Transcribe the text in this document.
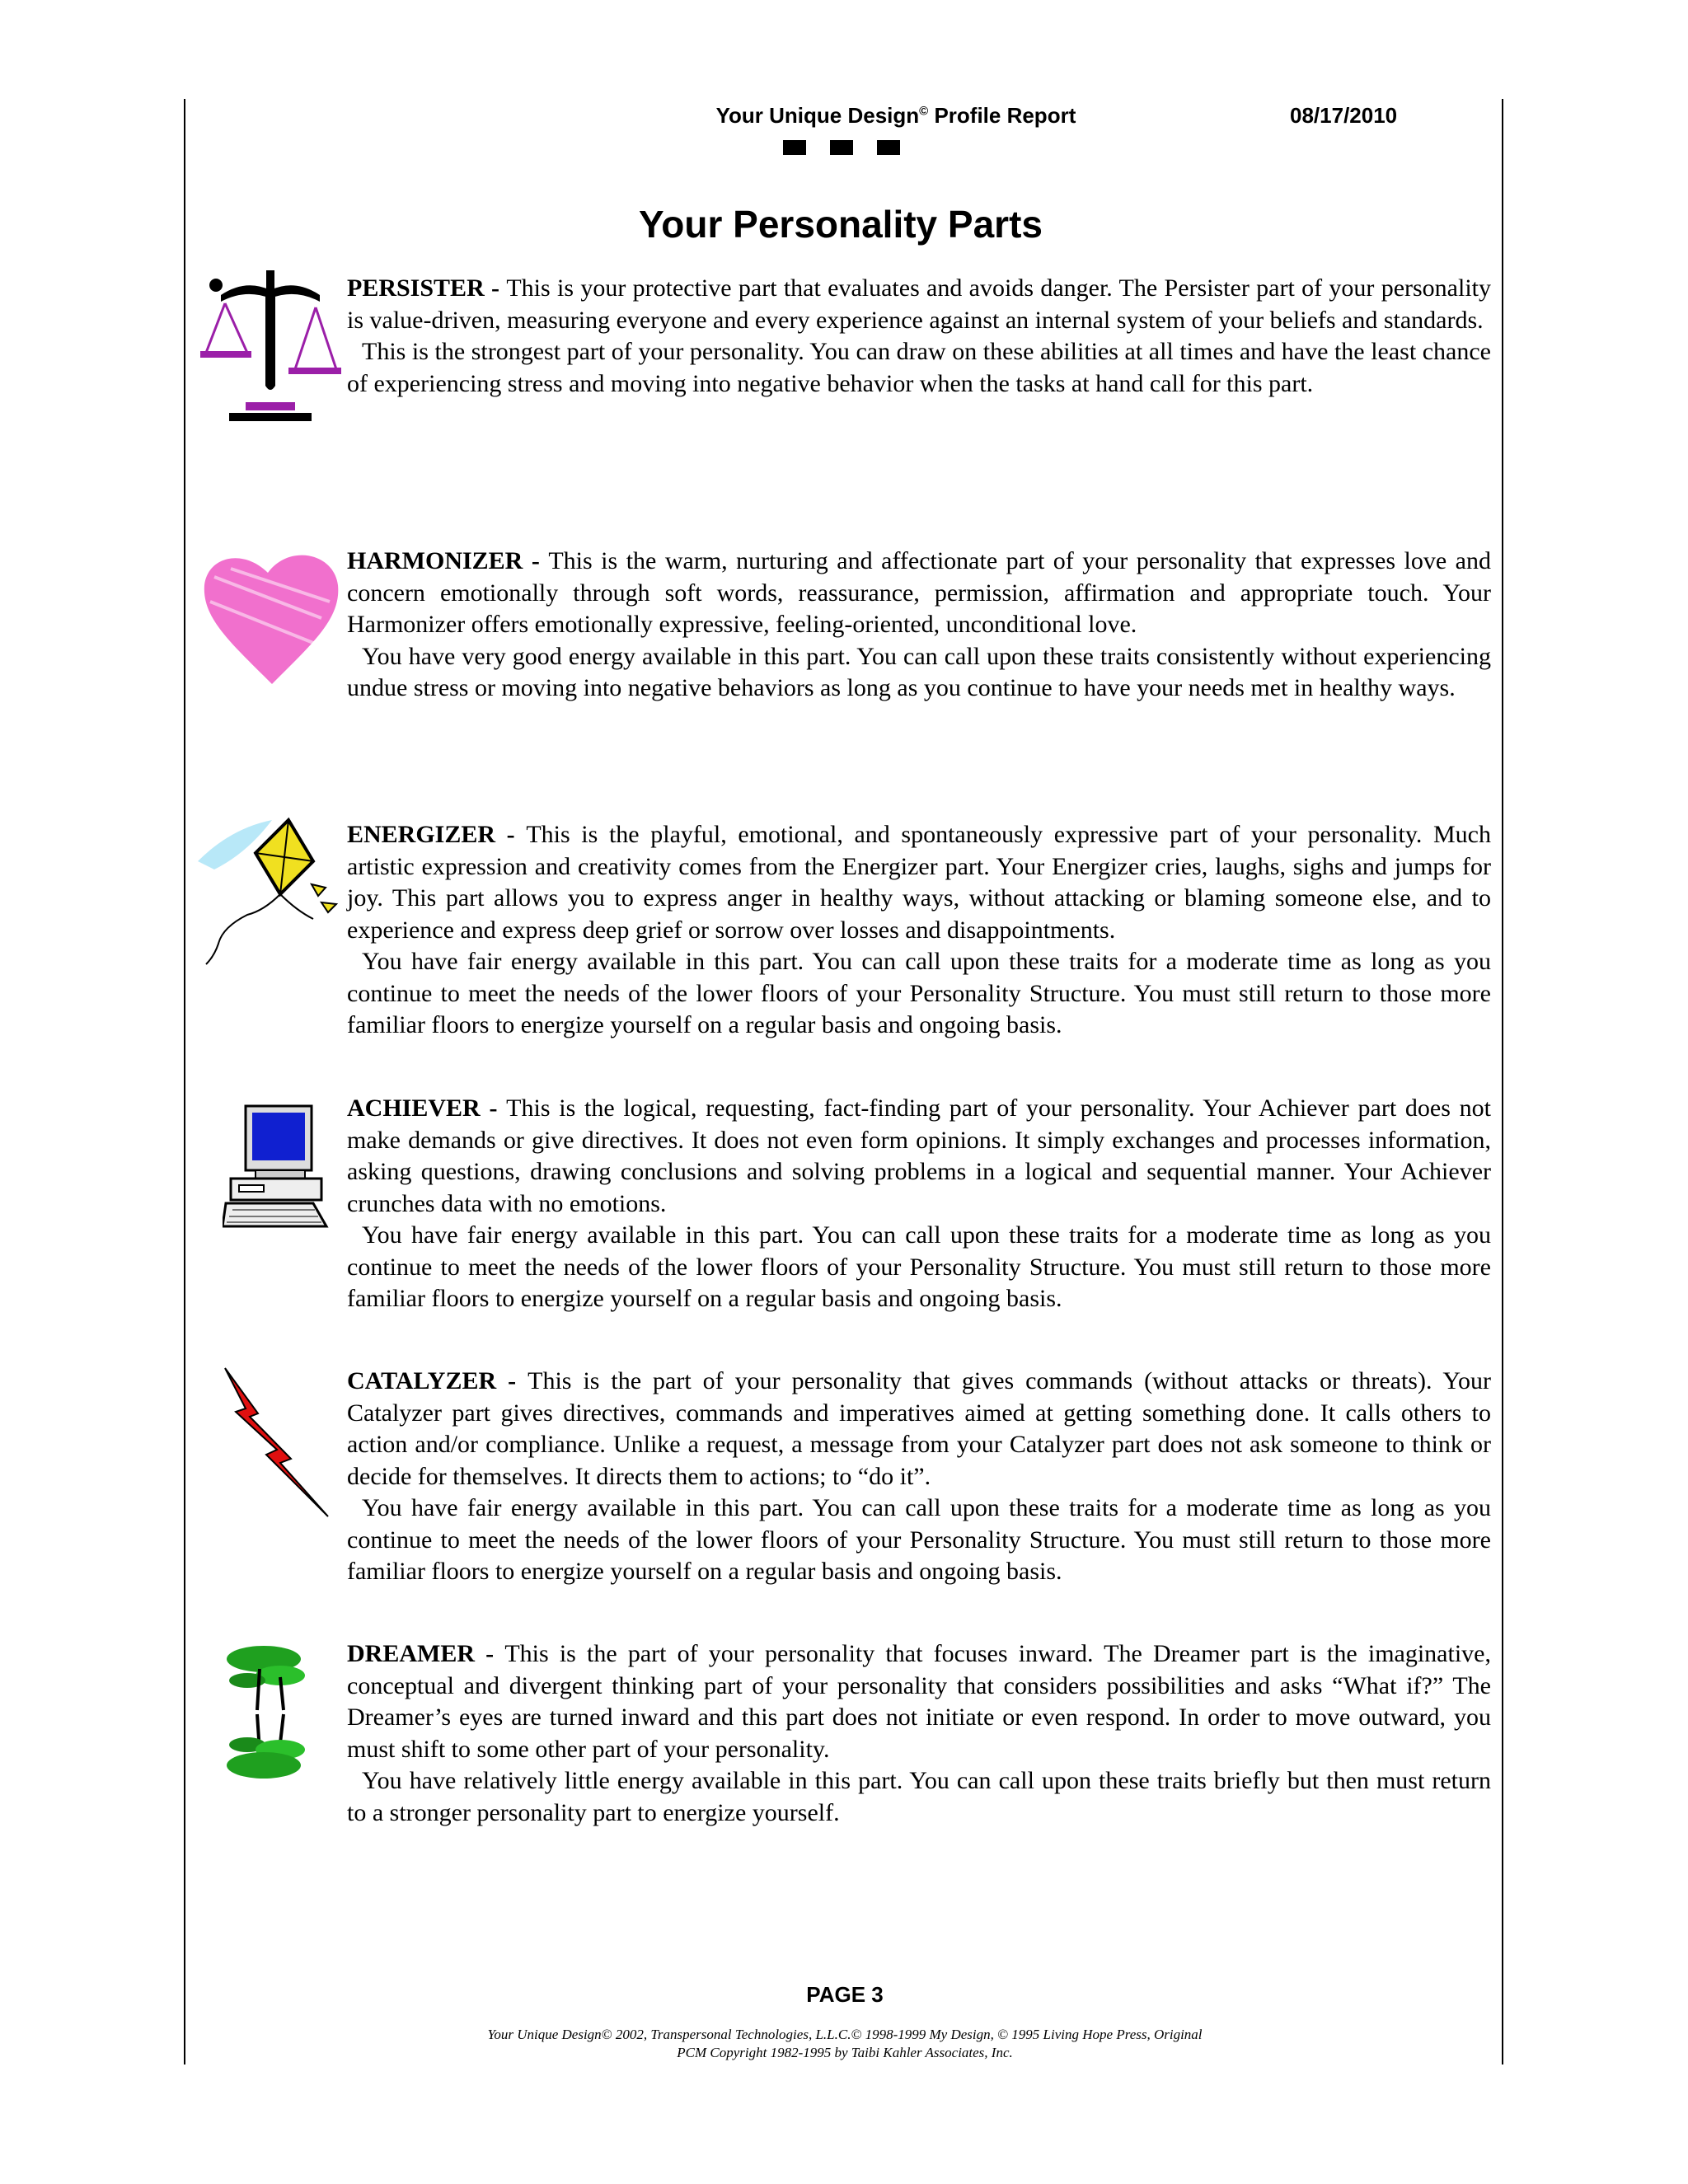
Your Unique Design© Profile Report	08/17/2010
Your Personality Parts

PERSISTER - This is your protective part that evaluates and avoids danger. The Persister part of your personality is value-driven, measuring everyone and every experience against an internal system of your beliefs and standards.

This is the strongest part of your personality. You can draw on these abilities at all times and have the least chance of experiencing stress and moving into negative behavior when the tasks at hand call for this part.

HARMONIZER - This is the warm, nurturing and affectionate part of your personality that expresses love and concern emotionally through soft words, reassurance, permission, affirmation and appropriate touch. Your Harmonizer offers emotionally expressive, feeling-oriented, unconditional love.

You have very good energy available in this part. You can call upon these traits consistently without experiencing undue stress or moving into negative behaviors as long as you continue to have your needs met in healthy ways.

ENERGIZER - This is the playful, emotional, and spontaneously expressive part of your personality. Much artistic expression and creativity comes from the Energizer part. Your Energizer cries, laughs, sighs and jumps for joy. This part allows you to express anger in healthy ways, without attacking or blaming someone else, and to experience and express deep grief or sorrow over losses and disappointments.

You have fair energy available in this part. You can call upon these traits for a moderate time as long as you continue to meet the needs of the lower floors of your Personality Structure. You must still return to those more familiar floors to energize yourself on a regular basis and ongoing basis.

ACHIEVER - This is the logical, requesting, fact-finding part of your personality. Your Achiever part does not make demands or give directives. It does not even form opinions. It simply exchanges and processes information, asking questions, drawing conclusions and solving problems in a logical and sequential manner. Your Achiever crunches data with no emotions.

You have fair energy available in this part. You can call upon these traits for a moderate time as long as you continue to meet the needs of the lower floors of your Personality Structure. You must still return to those more familiar floors to energize yourself on a regular basis and ongoing basis.

CATALYZER - This is the part of your personality that gives commands (without attacks or threats). Your Catalyzer part gives directives, commands and imperatives aimed at getting something done. It calls others to action and/or compliance. Unlike a request, a message from your Catalyzer part does not ask someone to think or decide for themselves. It directs them to actions; to “do it”.

You have fair energy available in this part. You can call upon these traits for a moderate time as long as you continue to meet the needs of the lower floors of your Personality Structure. You must still return to those more familiar floors to energize yourself on a regular basis and ongoing basis.

DREAMER - This is the part of your personality that focuses inward. The Dreamer part is the imaginative, conceptual and divergent thinking part of your personality that considers possibilities and asks “What if?” The Dreamer’s eyes are turned inward and this part does not initiate or even respond. In order to move outward, you must shift to some other part of your personality.

You have relatively little energy available in this part. You can call upon these traits briefly but then must return to a stronger personality part to energize yourself.

PAGE 3
Your Unique Design© 2002, Transpersonal Technologies, L.L.C.© 1998-1999 My Design, © 1995 Living Hope Press, Original
PCM Copyright 1982-1995 by Taibi Kahler Associates, Inc.
